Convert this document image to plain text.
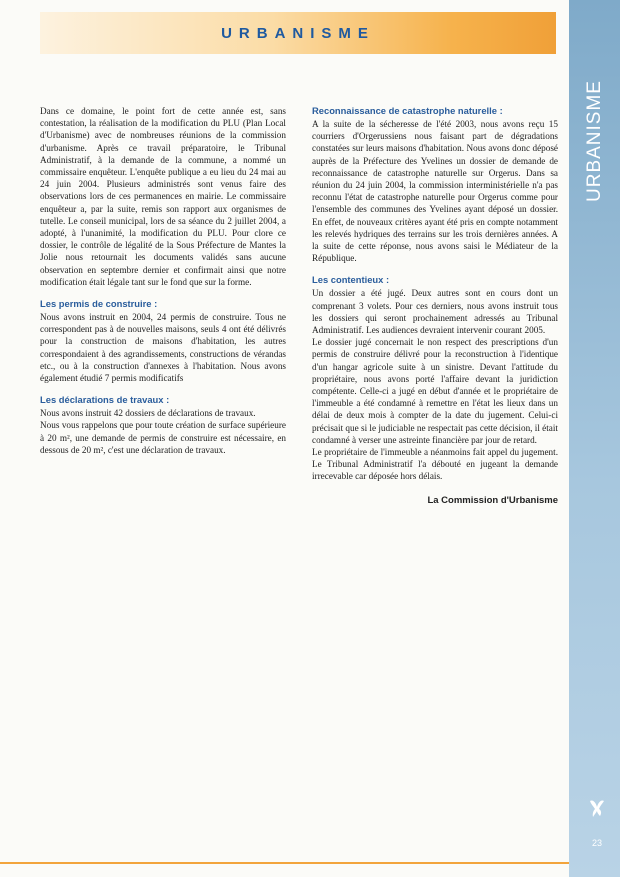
URBANISME

Dans ce domaine, le point fort de cette année est, sans contestation, la réalisation de la modification du PLU (Plan Local d'Urbanisme) avec de nombreuses réunions de la commission d'urbanisme. Après ce travail préparatoire, le Tribunal Administratif, à la demande de la commune, a nommé un commissaire enquêteur. L'enquête publique a eu lieu du 24 mai au 24 juin 2004. Plusieurs administrés sont venus faire des observations lors de ces permanences en mairie. Le commissaire enquêteur a, par la suite, remis son rapport aux organismes de tutelle. Le conseil municipal, lors de sa séance du 2 juillet 2004, a adopté, à l'unanimité, la modification du PLU. Pour clore ce dossier, le contrôle de légalité de la Sous Préfecture de Mantes la Jolie nous retournait les documents validés sans aucune observation en septembre dernier et confirmait ainsi que notre modification était légale tant sur le fond que sur la forme.

Les permis de construire :

Nous avons instruit en 2004, 24 permis de construire. Tous ne correspondent pas à de nouvelles maisons, seuls 4 ont été délivrés pour la construction de maisons d'habitation, les autres correspondaient à des agrandissements, constructions de vérandas etc., ou à la construction d'annexes à l'habitation. Nous avons également étudié 7 permis modificatifs

Les déclarations de travaux :

Nous avons instruit 42 dossiers de déclarations de travaux.

Nous vous rappelons que pour toute création de surface supérieure à 20 m², une demande de permis de construire est nécessaire, en dessous de 20 m², c'est une déclaration de travaux.

Reconnaissance de catastrophe naturelle :

A la suite de la sécheresse de l'été 2003, nous avons reçu 15 courriers d'Orgerussiens nous faisant part de dégradations constatées sur leurs maisons d'habitation. Nous avons donc déposé auprès de la Préfecture des Yvelines un dossier de demande de reconnaissance de catastrophe naturelle sur Orgerus. Dans sa réunion du 24 juin 2004, la commission interministérielle n'a pas reconnu l'état de catastrophe naturelle pour Orgerus comme pour l'ensemble des communes des Yvelines ayant déposé un dossier. En effet, de nouveaux critères ayant été pris en compte notamment les relevés hydriques des terrains sur les trois dernières années. A la suite de cette réponse, nous avons saisi le Médiateur de la République.

Les contentieux :

Un dossier a été jugé. Deux autres sont en cours dont un comprenant 3 volets. Pour ces derniers, nous avons instruit tous les dossiers qui seront prochainement adressés au Tribunal Administratif. Les audiences devraient intervenir courant 2005.

Le dossier jugé concernait le non respect des prescriptions d'un permis de construire délivré pour la reconstruction à l'identique d'un hangar agricole suite à un sinistre. Devant l'attitude du propriétaire, nous avons porté l'affaire devant la juridiction compétente. Celle-ci a jugé en début d'année et le propriétaire de l'immeuble a été condamné à remettre en l'état les lieux dans un délai de deux mois à compter de la date du jugement. Celui-ci précisait que si le judiciable ne respectait pas cette décision, il était condamné à verser une astreinte financière par jour de retard.

Le propriétaire de l'immeuble a néanmoins fait appel du jugement. Le Tribunal Administratif l'a débouté en jugeant la demande irrecevable car déposée hors délais.

La Commission d'Urbanisme
URBANISME
23
